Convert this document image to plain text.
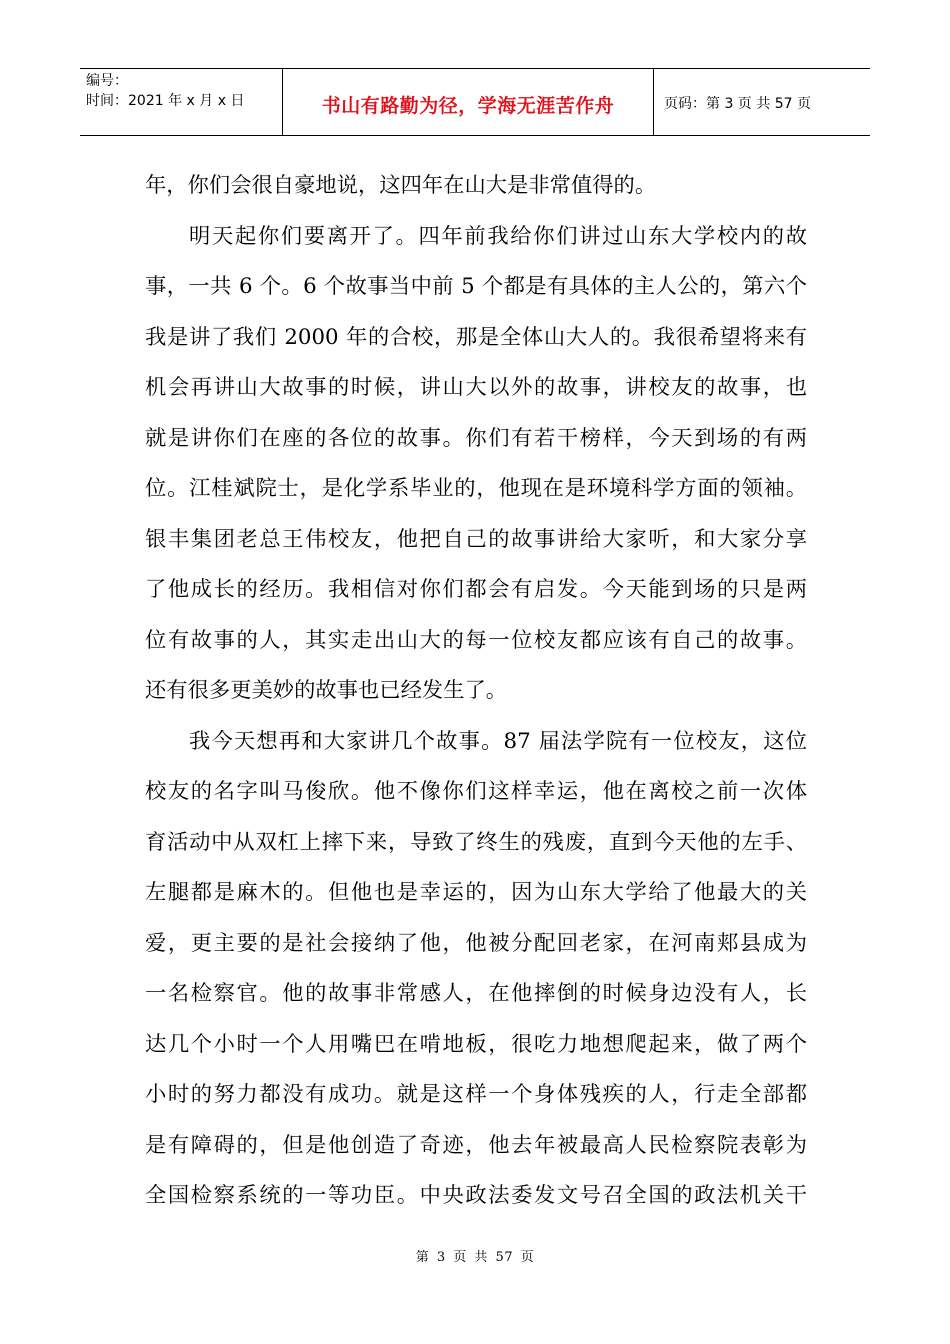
编号：
时间：2021 年 x 月 x 日	书山有路勤为径，学海无涯苦作舟	页码：第 3 页 共 57 页
年，你们会很自豪地说，这四年在山大是非常值得的。
明天起你们要离开了。四年前我给你们讲过山东大学校内的故
事，一共 6 个。6 个故事当中前 5 个都是有具体的主人公的，第六个
我是讲了我们 2000 年的合校，那是全体山大人的。我很希望将来有
机会再讲山大故事的时候，讲山大以外的故事，讲校友的故事，也
就是讲你们在座的各位的故事。你们有若干榜样，今天到场的有两
位。江桂斌院士，是化学系毕业的，他现在是环境科学方面的领袖。
银丰集团老总王伟校友，他把自己的故事讲给大家听，和大家分享
了他成长的经历。我相信对你们都会有启发。今天能到场的只是两
位有故事的人，其实走出山大的每一位校友都应该有自己的故事。
还有很多更美妙的故事也已经发生了。
我今天想再和大家讲几个故事。87 届法学院有一位校友，这位
校友的名字叫马俊欣。他不像你们这样幸运，他在离校之前一次体
育活动中从双杠上摔下来，导致了终生的残废，直到今天他的左手、
左腿都是麻木的。但他也是幸运的，因为山东大学给了他最大的关
爱，更主要的是社会接纳了他，他被分配回老家，在河南郏县成为
一名检察官。他的故事非常感人，在他摔倒的时候身边没有人，长
达几个小时一个人用嘴巴在啃地板，很吃力地想爬起来，做了两个
小时的努力都没有成功。就是这样一个身体残疾的人，行走全部都
是有障碍的，但是他创造了奇迹，他去年被最高人民检察院表彰为
全国检察系统的一等功臣。中央政法委发文号召全国的政法机关干
第 3 页 共 57 页
